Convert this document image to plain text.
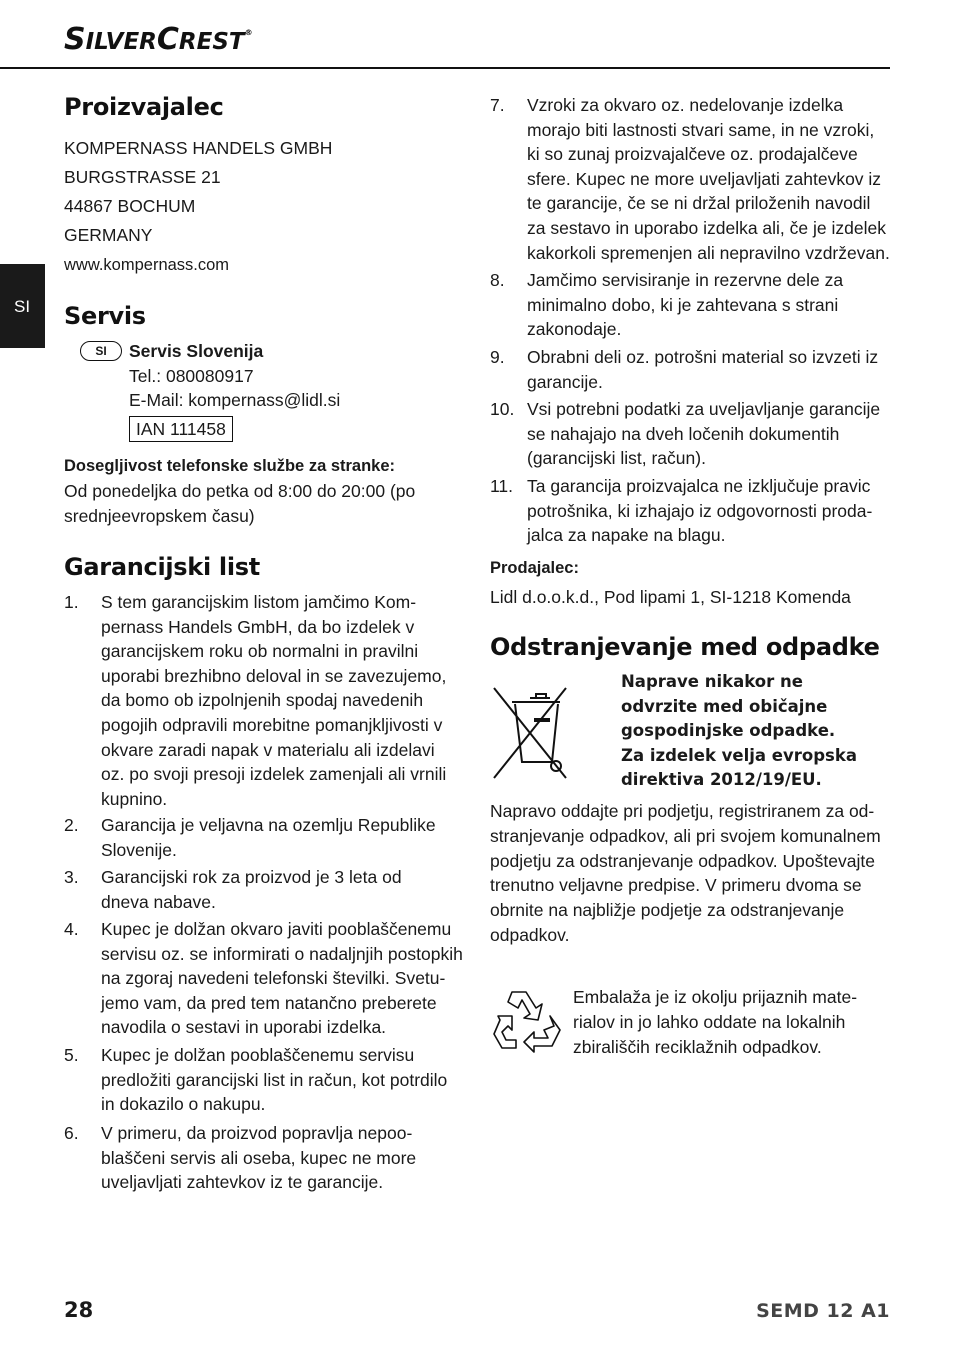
SILVERCREST®
SI
Proizvajalec
KOMPERNASS HANDELS GMBH
BURGSTRASSE 21
44867 BOCHUM
GERMANY
www.kompernass.com
Servis
SI	Servis Slovenija
Tel.: 080080917
E-Mail: kompernass@lidl.si
IAN 111458
Dosegljivost telefonske službe za stranke:
Od ponedeljka do petka od 8:00 do 20:00 (po
srednjeevropskem času)
Garancijski list
1. S tem garancijskim listom jamčimo Kom-
pernass Handels GmbH, da bo izdelek v
garancijskem roku ob normalni in pravilni
uporabi brezhibno deloval in se zavezujemo,
da bomo ob izpolnjenih spodaj navedenih
pogojih odpravili morebitne pomanjkljivosti v
okvare zaradi napak v materialu ali izdelavi
oz. po svoji presoji izdelek zamenjali ali vrnili
kupnino.
2. Garancija je veljavna na ozemlju Republike
Slovenije.
3. Garancijski rok za proizvod je 3 leta od
dneva nabave.
4. Kupec je dolžan okvaro javiti pooblaščenemu
servisu oz. se informirati o nadaljnjih postopkih
na zgoraj navedeni telefonski številki. Svetu-
jemo vam, da pred tem natančno preberete
navodila o sestavi in uporabi izdelka.
5. Kupec je dolžan pooblaščenemu servisu
predložiti garancijski list in račun, kot potrdilo
in dokazilo o nakupu.
6. V primeru, da proizvod popravlja nepoo-
blaščeni servis ali oseba, kupec ne more
uveljavljati zahtevkov iz te garancije.
7. Vzroki za okvaro oz. nedelovanje izdelka
morajo biti lastnosti stvari same, in ne vzroki,
ki so zunaj proizvajalčeve oz. prodajalčeve
sfere. Kupec ne more uveljavljati zahtevkov iz
te garancije, če se ni držal priloženih navodil
za sestavo in uporabo izdelka ali, če je izdelek
kakorkoli spremenjen ali nepravilno vzdrževan.
8. Jamčimo servisiranje in rezervne dele za
minimalno dobo, ki je zahtevana s strani
zakonodaje.
9. Obrabni deli oz. potrošni material so izvzeti iz
garancije.
10. Vsi potrebni podatki za uveljavljanje garancije
se nahajajo na dveh ločenih dokumentih
(garancijski list, račun).
11. Ta garancija proizvajalca ne izključuje pravic
potrošnika, ki izhajajo iz odgovornosti proda-
jalca za napake na blagu.
Prodajalec:
Lidl d.o.o.k.d., Pod lipami 1, SI-1218 Komenda
Odstranjevanje med odpadke
Naprave nikakor ne
odvrzite med običajne
gospodinjske odpadke.
Za izdelek velja evropska
direktiva 2012/19/EU.
Napravo oddajte pri podjetju, registriranem za od-
stranjevanje odpadkov, ali pri svojem komunalnem
podjetju za odstranjevanje odpadkov. Upoštevajte
trenutno veljavne predpise. V primeru dvoma se
obrnite na najbližje podjetje za odstranjevanje
odpadkov.
Embalaža je iz okolju prijaznih mate-
rialov in jo lahko oddate na lokalnih
zbirališčih reciklažnih odpadkov.
28	SEMD 12 A1
